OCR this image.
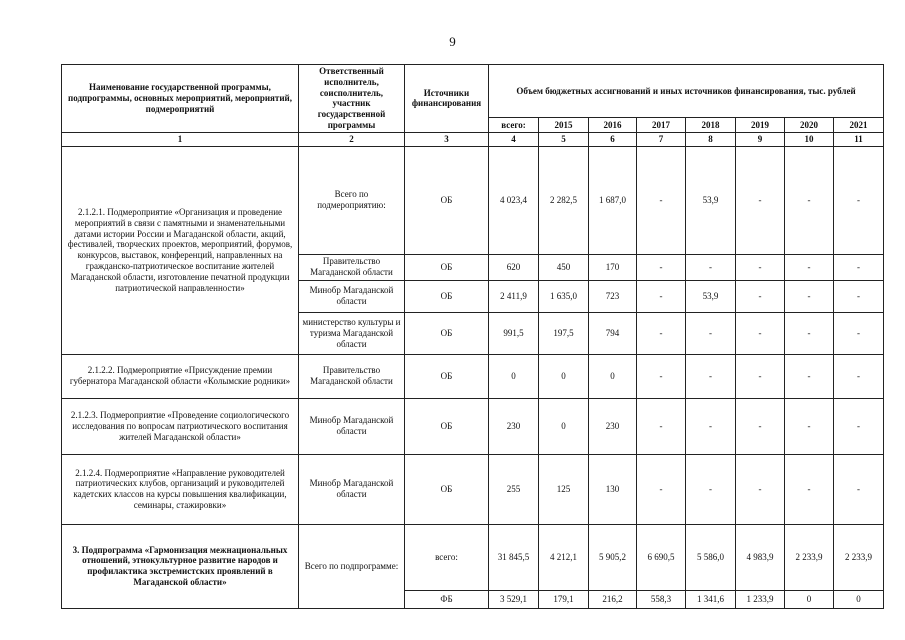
9
Наименование государственной программы, подпрограммы, основных мероприятий, мероприятий, подмероприятий	Ответственный исполнитель, соисполнитель, участник государственной программы	Источники финансирования	Объем бюджетных ассигнований и иных источников финансирования, тыс. рублей							
			всего:	2015	2016	2017	2018	2019	2020	2021
1	2	3	4	5	6	7	8	9	10	11
2.1.2.1. Подмероприятие «Организация и проведение мероприятий в связи с памятными и знаменательными датами истории России и Магаданской области, акций, фестивалей, творческих проектов, мероприятий, форумов, конкурсов, выставок, конференций, направленных на гражданско-патриотическое воспитание жителей Магаданской области, изготовление печатной продукции патриотической направленности»	Всего по подмероприятию:	ОБ	4 023,4	2 282,5	1 687,0	-	53,9	-	-	-
	Правительство Магаданской области	ОБ	620	450	170	-	-	-	-	-
	Минобр Магаданской области	ОБ	2 411,9	1 635,0	723	-	53,9	-	-	-
	министерство культуры и туризма Магаданской области	ОБ	991,5	197,5	794	-	-	-	-	-
2.1.2.2. Подмероприятие «Присуждение премии губернатора Магаданской области «Колымские родники»	Правительство Магаданской области	ОБ	0	0	0	-	-	-	-	-
2.1.2.3. Подмероприятие «Проведение социологического исследования по вопросам патриотического воспитания жителей Магаданской области»	Минобр Магаданской области	ОБ	230	0	230	-	-	-	-	-
2.1.2.4. Подмероприятие «Направление руководителей патриотических клубов, организаций и руководителей кадетских классов на курсы повышения квалификации, семинары, стажировки»	Минобр Магаданской области	ОБ	255	125	130	-	-	-	-	-
3. Подпрограмма «Гармонизация межнациональных отношений, этнокультурное развитие народов и профилактика экстремистских проявлений в Магаданской области»	Всего по подпрограмме:	всего:	31 845,5	4 212,1	5 905,2	6 690,5	5 586,0	4 983,9	2 233,9	2 233,9
		ФБ	3 529,1	179,1	216,2	558,3	1 341,6	1 233,9	0	0
